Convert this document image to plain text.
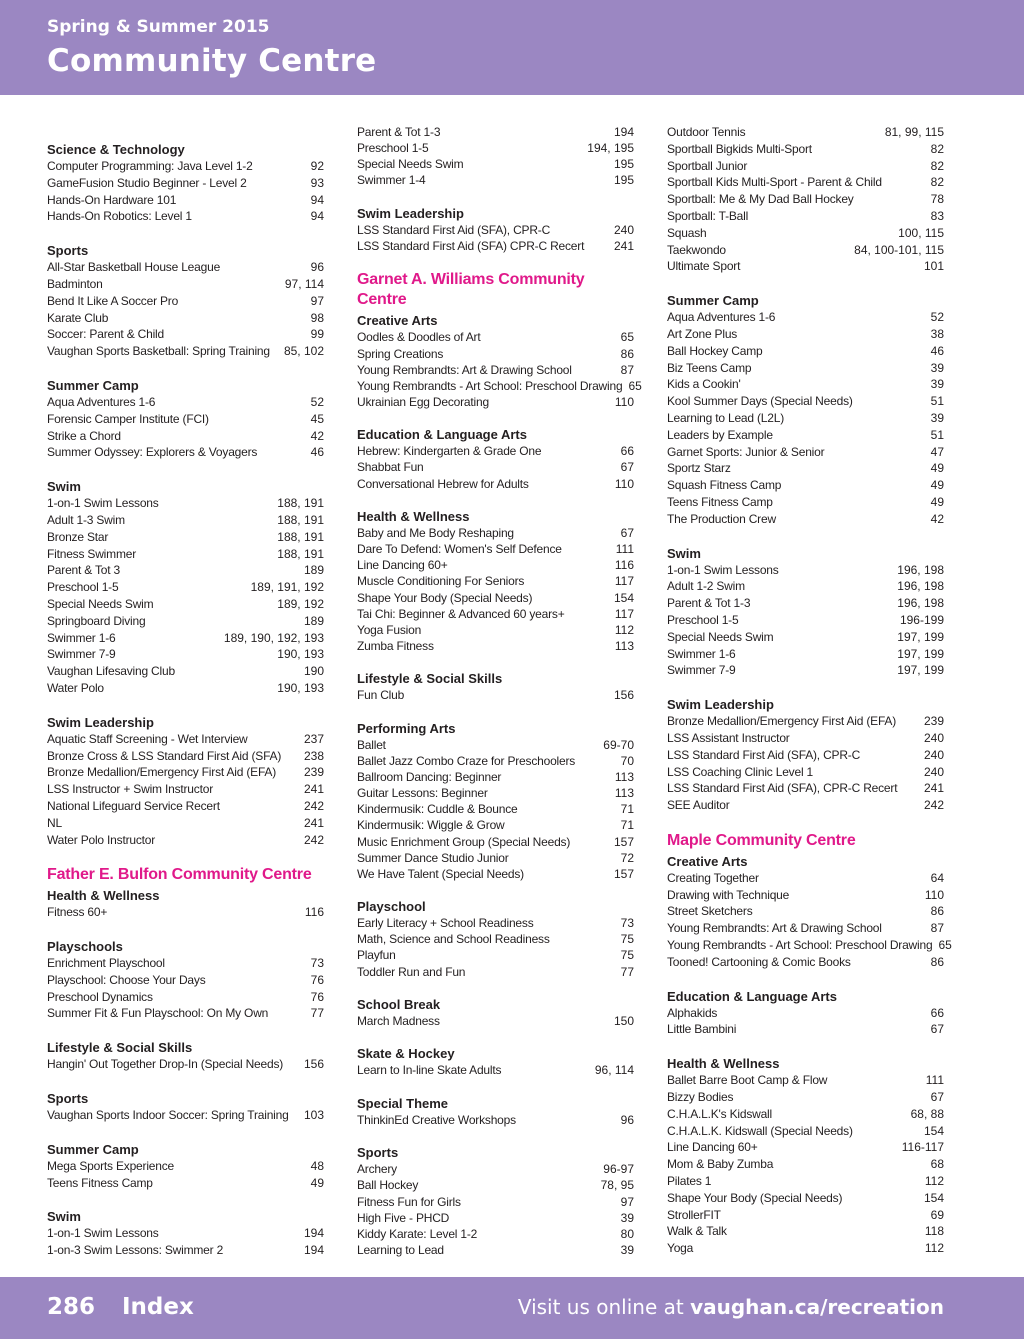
Spring & Summer 2015
Community Centre
Science & Technology
Computer Programming: Java Level 1-2	92
GameFusion Studio Beginner - Level 2	93
Hands-On Hardware 101	94
Hands-On Robotics: Level 1	94
Sports
All-Star Basketball House League	96
Badminton	97, 114
Bend It Like A Soccer Pro	97
Karate Club	98
Soccer: Parent & Child	99
Vaughan Sports Basketball: Spring Training	85, 102
Summer Camp
Aqua Adventures 1-6	52
Forensic Camper Institute (FCI)	45
Strike a Chord	42
Summer Odyssey: Explorers & Voyagers	46
Swim
1-on-1 Swim Lessons	188, 191
Adult 1-3 Swim	188, 191
Bronze Star	188, 191
Fitness Swimmer	188, 191
Parent & Tot 3	189
Preschool 1-5	189, 191, 192
Special Needs Swim	189, 192
Springboard Diving	189
Swimmer 1-6	189, 190, 192, 193
Swimmer 7-9	190, 193
Vaughan Lifesaving Club	190
Water Polo	190, 193
Swim Leadership
Aquatic Staff Screening - Wet Interview	237
Bronze Cross & LSS Standard First Aid (SFA)	238
Bronze Medallion/Emergency First Aid (EFA)	239
LSS Instructor + Swim Instructor	241
National Lifeguard Service Recert	242
NL	241
Water Polo Instructor	242
Father E. Bulfon Community Centre
Health & Wellness
Fitness 60+	116
Playschools
Enrichment Playschool	73
Playschool: Choose Your Days	76
Preschool Dynamics	76
Summer Fit & Fun Playschool: On My Own	77
Lifestyle & Social Skills
Hangin' Out Together Drop-In (Special Needs)	156
Sports
Vaughan Sports Indoor Soccer: Spring Training	103
Summer Camp
Mega Sports Experience	48
Teens Fitness Camp	49
Swim
1-on-1 Swim Lessons	194
1-on-3 Swim Lessons: Swimmer 2	194
Parent & Tot 1-3	194
Preschool 1-5	194, 195
Special Needs Swim	195
Swimmer 1-4	195
Swim Leadership
LSS Standard First Aid (SFA), CPR-C	240
LSS Standard First Aid (SFA) CPR-C Recert	241
Garnet A. Williams Community Centre
Creative Arts
Oodles & Doodles of Art	65
Spring Creations	86
Young Rembrandts: Art & Drawing School	87
Young Rembrandts - Art School: Preschool Drawing 65
Ukrainian Egg Decorating	110
Education & Language Arts
Hebrew: Kindergarten & Grade One	66
Shabbat Fun	67
Conversational Hebrew for Adults	110
Health & Wellness
Baby and Me Body Reshaping	67
Dare To Defend: Women's Self Defence	111
Line Dancing 60+	116
Muscle Conditioning For Seniors	117
Shape Your Body (Special Needs)	154
Tai Chi: Beginner & Advanced 60 years+	117
Yoga Fusion	112
Zumba Fitness	113
Lifestyle & Social Skills
Fun Club	156
Performing Arts
Ballet	69-70
Ballet Jazz Combo Craze for Preschoolers	70
Ballroom Dancing: Beginner	113
Guitar Lessons: Beginner	113
Kindermusik: Cuddle & Bounce	71
Kindermusik: Wiggle & Grow	71
Music Enrichment Group (Special Needs)	157
Summer Dance Studio Junior	72
We Have Talent (Special Needs)	157
Playschool
Early Literacy + School Readiness	73
Math, Science and School Readiness	75
Playfun	75
Toddler Run and Fun	77
School Break
March Madness	150
Skate & Hockey
Learn to In-line Skate Adults	96, 114
Special Theme
ThinkinEd Creative Workshops	96
Sports
Archery	96-97
Ball Hockey	78, 95
Fitness Fun for Girls	97
High Five - PHCD	39
Kiddy Karate: Level 1-2	80
Learning to Lead	39
Outdoor Tennis	81, 99, 115
Sportball Bigkids Multi-Sport	82
Sportball Junior	82
Sportball Kids Multi-Sport - Parent & Child	82
Sportball: Me & My Dad Ball Hockey	78
Sportball: T-Ball	83
Squash	100, 115
Taekwondo	84, 100-101, 115
Ultimate Sport	101
Summer Camp
Aqua Adventures 1-6	52
Art Zone Plus	38
Ball Hockey Camp	46
Biz Teens Camp	39
Kids a Cookin'	39
Kool Summer Days (Special Needs)	51
Learning to Lead (L2L)	39
Leaders by Example	51
Garnet Sports: Junior & Senior	47
Sportz Starz	49
Squash Fitness Camp	49
Teens Fitness Camp	49
The Production Crew	42
Swim
1-on-1 Swim Lessons	196, 198
Adult 1-2 Swim	196, 198
Parent & Tot 1-3	196, 198
Preschool 1-5	196-199
Special Needs Swim	197, 199
Swimmer 1-6	197, 199
Swimmer 7-9	197, 199
Swim Leadership
Bronze Medallion/Emergency First Aid (EFA)	239
LSS Assistant Instructor	240
LSS Standard First Aid (SFA), CPR-C	240
LSS Coaching Clinic Level 1	240
LSS Standard First Aid (SFA), CPR-C Recert	241
SEE Auditor	242
Maple Community Centre
Creative Arts
Creating Together	64
Drawing with Technique	110
Street Sketchers	86
Young Rembrandts: Art & Drawing School	87
Young Rembrandts - Art School: Preschool Drawing 65
Tooned! Cartooning & Comic Books	86
Education & Language Arts
Alphakids	66
Little Bambini	67
Health & Wellness
Ballet Barre Boot Camp & Flow	111
Bizzy Bodies	67
C.H.A.L.K's Kidswall	68, 88
C.H.A.L.K. Kidswall (Special Needs)	154
Line Dancing 60+	116-117
Mom & Baby Zumba	68
Pilates 1	112
Shape Your Body (Special Needs)	154
StrollerFIT	69
Walk & Talk	118
Yoga	112
286 Index	Visit us online at vaughan.ca/recreation
